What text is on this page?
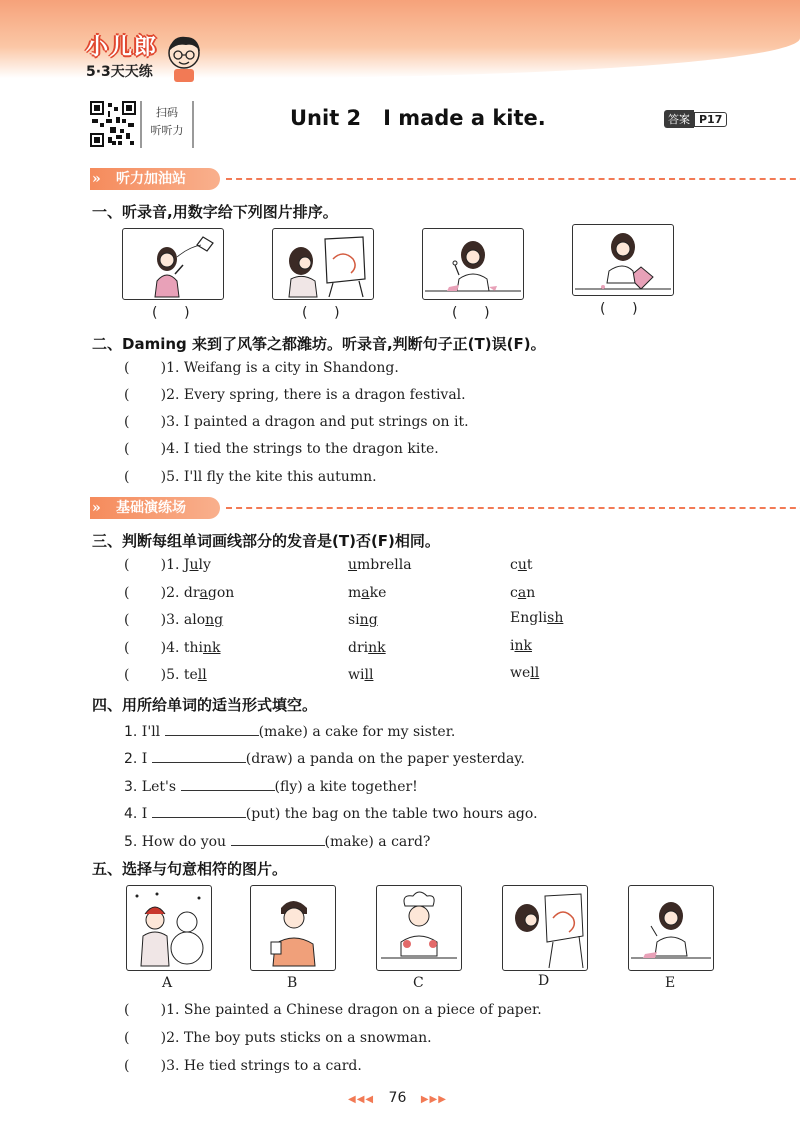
小儿郎
5·3天天练
扫码
听听力
Unit 2   I made a kite.	答案 P17
听力加油站
»
一、听录音,用数字给下列图片排序。
(      )	(      )	(      )	(      )
二、Daming 来到了风筝之都潍坊。听录音,判断句子正(T)误(F)。
(       )1. Weifang is a city in Shandong.
(       )2. Every spring, there is a dragon festival.
(       )3. I painted a dragon and put strings on it.
(       )4. I tied the strings to the dragon kite.
(       )5. I'll fly the kite this autumn.
基础演练场
»
三、判断每组单词画线部分的发音是(T)否(F)相同。
(       )1. July	umbrella	cut
(       )2. dragon	make	can
(       )3. along	sing	English
(       )4. think	drink	ink
(       )5. tell	will	well
四、用所给单词的适当形式填空。
1. I'll	(make) a cake for my sister.
2. I	(draw) a panda on the paper yesterday.
3. Let's	(fly) a kite together!
4. I	(put) the bag on the table two hours ago.
5. How do you	(make) a card?
五、选择与句意相符的图片。
A	B	C	D	E
(       )1. She painted a Chinese dragon on a piece of paper.
(       )2. The boy puts sticks on a snowman.
(       )3. He tied strings to a card.
◀◀◀ 76 ▶▶▶
